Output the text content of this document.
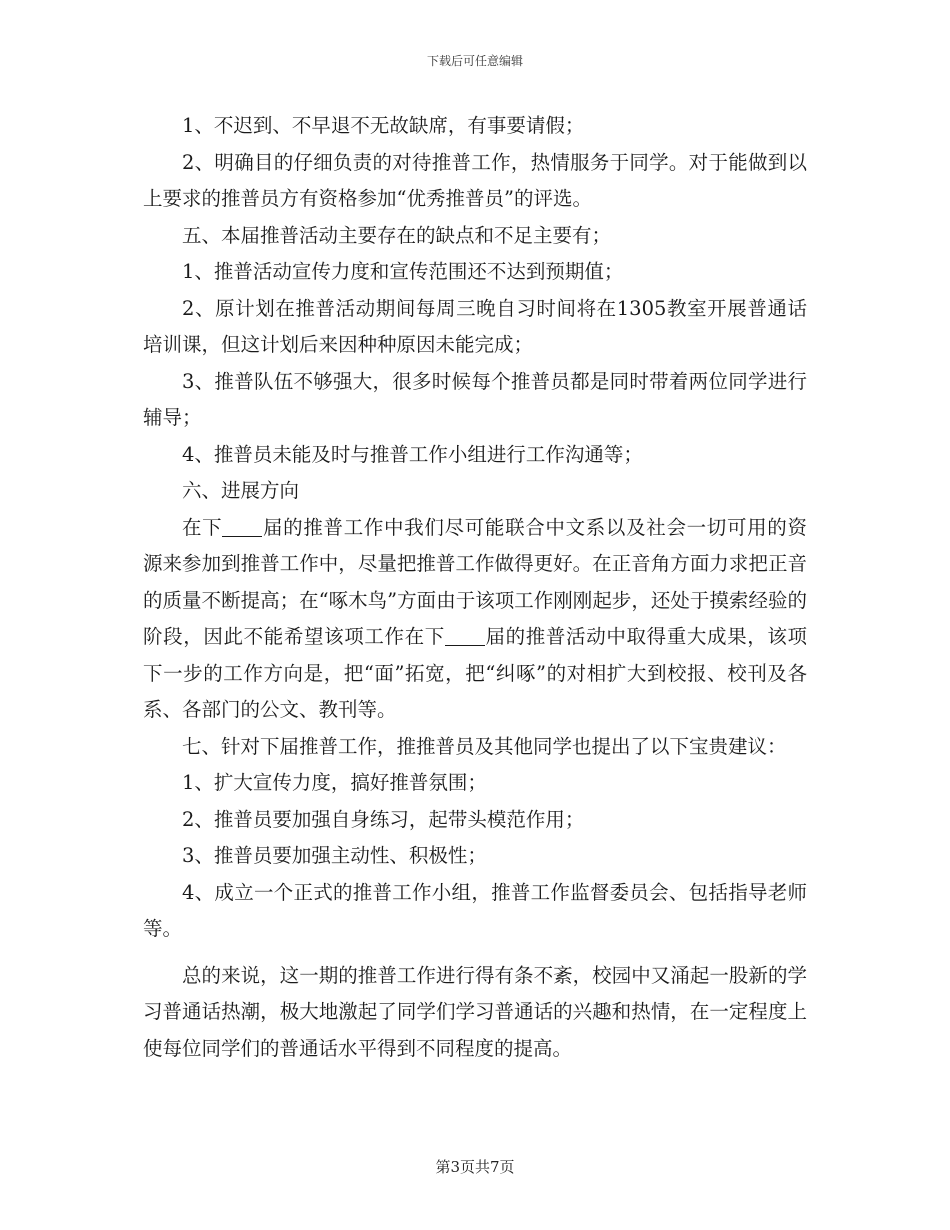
下载后可任意编辑

1、不迟到、不早退不无故缺席，有事要请假；

2、明确目的仔细负责的对待推普工作，热情服务于同学。对于能做到以上要求的推普员方有资格参加“优秀推普员”的评选。

五、本届推普活动主要存在的缺点和不足主要有；

1、推普活动宣传力度和宣传范围还不达到预期值；

2、原计划在推普活动期间每周三晚自习时间将在1305教室开展普通话培训课，但这计划后来因种种原因未能完成；

3、推普队伍不够强大，很多时候每个推普员都是同时带着两位同学进行辅导；

4、推普员未能及时与推普工作小组进行工作沟通等；

六、进展方向

在下 届的推普工作中我们尽可能联合中文系以及社会一切可用的资源来参加到推普工作中，尽量把推普工作做得更好。在正音角方面力求把正音的质量不断提高；在“啄木鸟”方面由于该项工作刚刚起步，还处于摸索经验的阶段，因此不能希望该项工作在下 届的推普活动中取得重大成果，该项下一步的工作方向是，把“面”拓宽，把“纠啄”的对相扩大到校报、校刊及各系、各部门的公文、教刊等。

七、针对下届推普工作，推推普员及其他同学也提出了以下宝贵建议：

1、扩大宣传力度，搞好推普氛围；

2、推普员要加强自身练习，起带头模范作用；

3、推普员要加强主动性、积极性；

4、成立一个正式的推普工作小组，推普工作监督委员会、包括指导老师等。

总的来说，这一期的推普工作进行得有条不紊，校园中又涌起一股新的学习普通话热潮，极大地激起了同学们学习普通话的兴趣和热情，在一定程度上使每位同学们的普通话水平得到不同程度的提高。

第3页共7页
